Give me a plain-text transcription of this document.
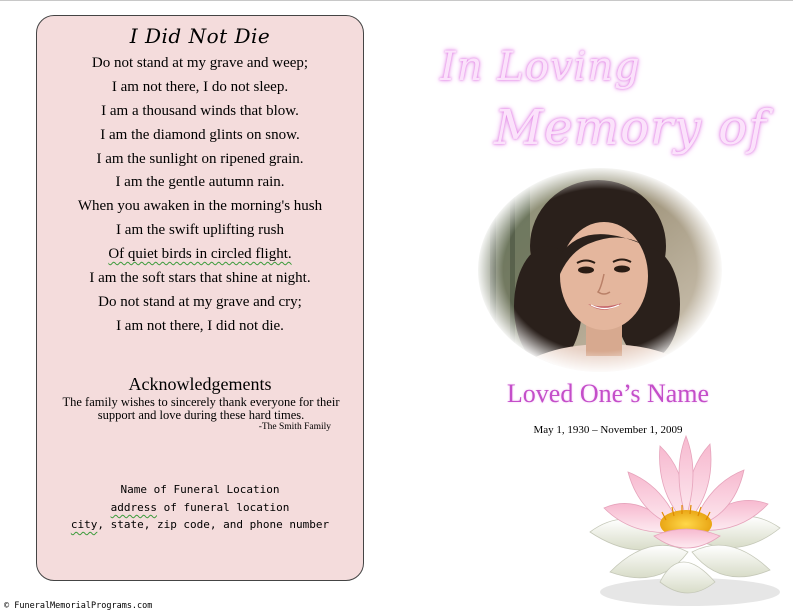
I Did Not Die
Do not stand at my grave and weep;
I am not there, I do not sleep.
I am a thousand winds that blow.
I am the diamond glints on snow.
I am the sunlight on ripened grain.
I am the gentle autumn rain.
When you awaken in the morning's hush
I am the swift uplifting rush
Of quiet birds in circled flight.
I am the soft stars that shine at night.
Do not stand at my grave and cry;
I am not there, I did not die.
Acknowledgements
The family wishes to sincerely thank everyone for their
support and love during these hard times.
-The Smith Family
Name of Funeral Location
address of funeral location
city, state, zip code, and phone number
© FuneralMemorialPrograms.com
In Loving
Memory of
Loved One’s Name
May 1, 1930 – November 1, 2009
